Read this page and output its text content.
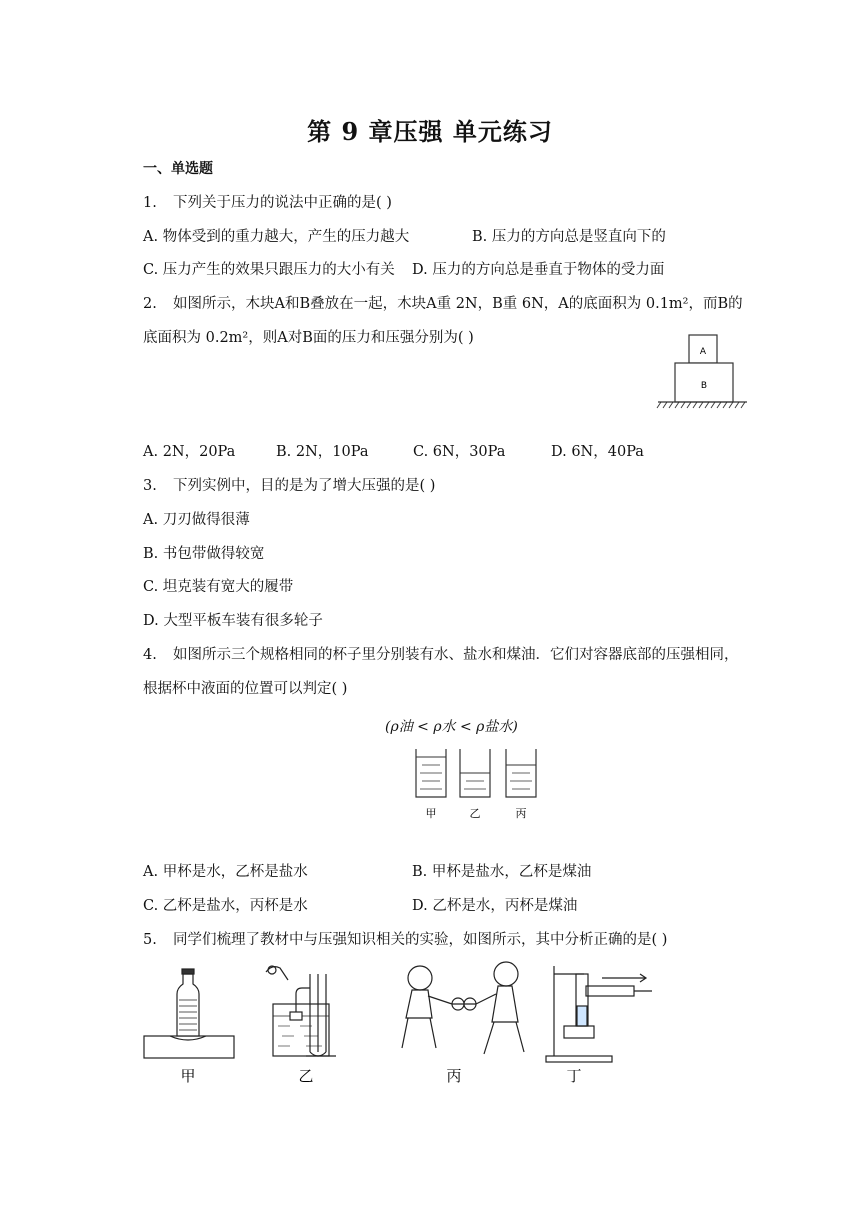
第 9 章压强 单元练习
一、单选题
1. 下列关于压力的说法中正确的是( )
A. 物体受到的重力越大，产生的压力越大	B. 压力的方向总是竖直向下的
C. 压力产生的效果只跟压力的大小有关 D. 压力的方向总是垂直于物体的受力面
2. 如图所示，木块A和B叠放在一起，木块A重 2N，B重 6N，A的底面积为 0.1m²，而B的
底面积为 0.2m²，则A对B面的压力和压强分别为( )
A
B
A. 2N，20Pa	B. 2N，10Pa	C. 6N，30Pa	D. 6N，40Pa
3. 下列实例中，目的是为了增大压强的是( )
A. 刀刃做得很薄
B. 书包带做得较宽
C. 坦克装有宽大的履带
D. 大型平板车装有很多轮子
4. 如图所示三个规格相同的杯子里分别装有水、盐水和煤油．它们对容器底部的压强相同，
根据杯中液面的位置可以判定( )
(ρ油 < ρ水 < ρ盐水)
甲	乙	丙
A. 甲杯是水，乙杯是盐水	B. 甲杯是盐水，乙杯是煤油
C. 乙杯是盐水，丙杯是水	D. 乙杯是水，丙杯是煤油
5. 同学们梳理了教材中与压强知识相关的实验，如图所示，其中分析正确的是( )
甲	乙	丙	丁
